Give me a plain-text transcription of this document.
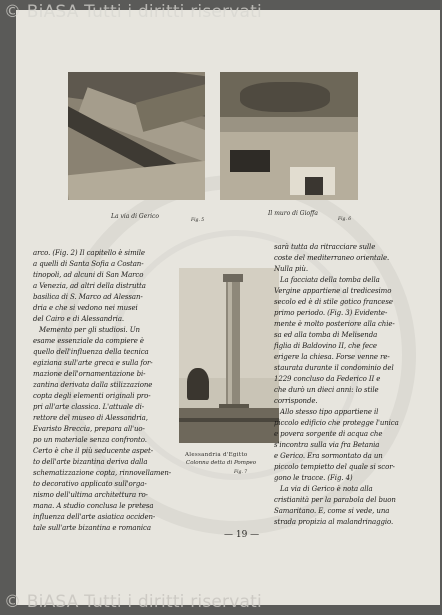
La via di Gerico
Fig. 5
Il muro di Gioffa
Fig. 6
Alessandria d'Egitto
Colonna detta di Pompeo
Fig. 7
arco. (Fig. 2) Il capitello è simile
a quelli di Santa Sofia a Costan-
tinopoli, ad alcuni di San Marco
a Venezia, ad altri della distrutta
basilica di S. Marco ad Alessan-
dria e che si vedono nei musei
del Cairo e di Alessandria.
Memento per gli studiosi. Un
esame essenziale da compiere è
quello dell'influenza della tecnica
egiziana sull'arte greca e sulla for-
mazione dell'ornamentazione bi-
zantina derivata dalla stilizzazione
copta degli elementi originali pro-
pri all'arte classica. L'attuale di-
rettore del museo di Alessandria,
Evaristo Breccia, prepara all'uo-
po un materiale senza confronto.
Certo è che il più seducente aspet-
to dell'arte bizantina deriva dalla
schematizzazione copta, rinnovellamen-
to decorativo applicato sull'orga-
nismo dell'ultima architettura ro-
mana. A studio conclusa le pretesa
influenza dell'arte asiatica occiden-
tale sull'arte bizantina e romanica
sarà tutta da ritracciare sulle
coste del mediterraneo orientale.
Nulla più.
La facciata della tomba della
Vergine appartiene al tredicesimo
secolo ed è di stile gotico francese
primo periodo. (Fig. 3) Evidente-
mente è molto posteriore alla chie-
sa ed alla tomba di Melisenda
figlia di Baldovino II, che fece
erigere la chiesa. Forse venne re-
staurata durante il condominio del
1229 concluso da Federico II e
che durò un dieci anni: lo stile
corrisponde.
Allo stesso tipo appartiene il
piccolo edificio che protegge l'unica
e povera sorgente di acqua che
s'incontra sulla via fra Betania
e Gerico. Era sormontato da un
piccolo tempietto del quale si scor-
gono le tracce. (Fig. 4)
La via di Gerico è nota alla
cristianità per la parabola del buon
Samaritano. E, come si vede, una
strada propizia al malandrinaggio.
— 19 —
© BiASA Tutti i diritti riservati
© BiASA Tutti i diritti riservati
